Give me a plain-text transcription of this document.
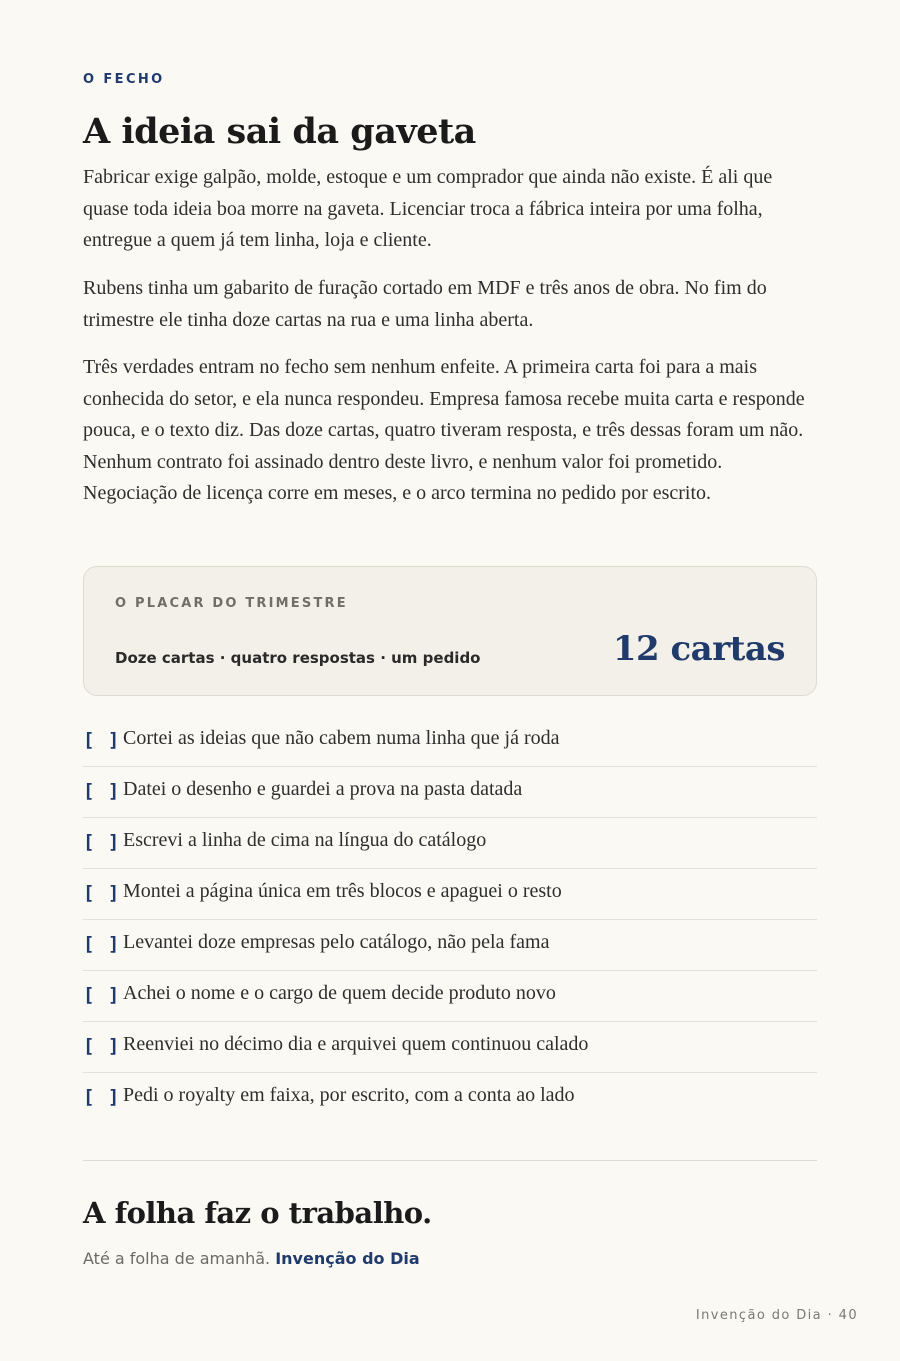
O FECHO
A ideia sai da gaveta

Fabricar exige galpão, molde, estoque e um comprador que ainda não existe. É ali que quase toda ideia boa morre na gaveta. Licenciar troca a fábrica inteira por uma folha, entregue a quem já tem linha, loja e cliente.

Rubens tinha um gabarito de furação cortado em MDF e três anos de obra. No fim do trimestre ele tinha doze cartas na rua e uma linha aberta.

Três verdades entram no fecho sem nenhum enfeite. A primeira carta foi para a mais conhecida do setor, e ela nunca respondeu. Empresa famosa recebe muita carta e responde pouca, e o texto diz. Das doze cartas, quatro tiveram resposta, e três dessas foram um não. Nenhum contrato foi assinado dentro deste livro, e nenhum valor foi prometido. Negociação de licença corre em meses, e o arco termina no pedido por escrito.

O PLACAR DO TRIMESTRE
Doze cartas · quatro respostas · um pedido	12 cartas
[ ] Cortei as ideias que não cabem numa linha que já roda
[ ] Datei o desenho e guardei a prova na pasta datada
[ ] Escrevi a linha de cima na língua do catálogo
[ ] Montei a página única em três blocos e apaguei o resto
[ ] Levantei doze empresas pelo catálogo, não pela fama
[ ] Achei o nome e o cargo de quem decide produto novo
[ ] Reenviei no décimo dia e arquivei quem continuou calado
[ ] Pedi o royalty em faixa, por escrito, com a conta ao lado
A folha faz o trabalho.
Até a folha de amanhã. Invenção do Dia
Invenção do Dia · 40
